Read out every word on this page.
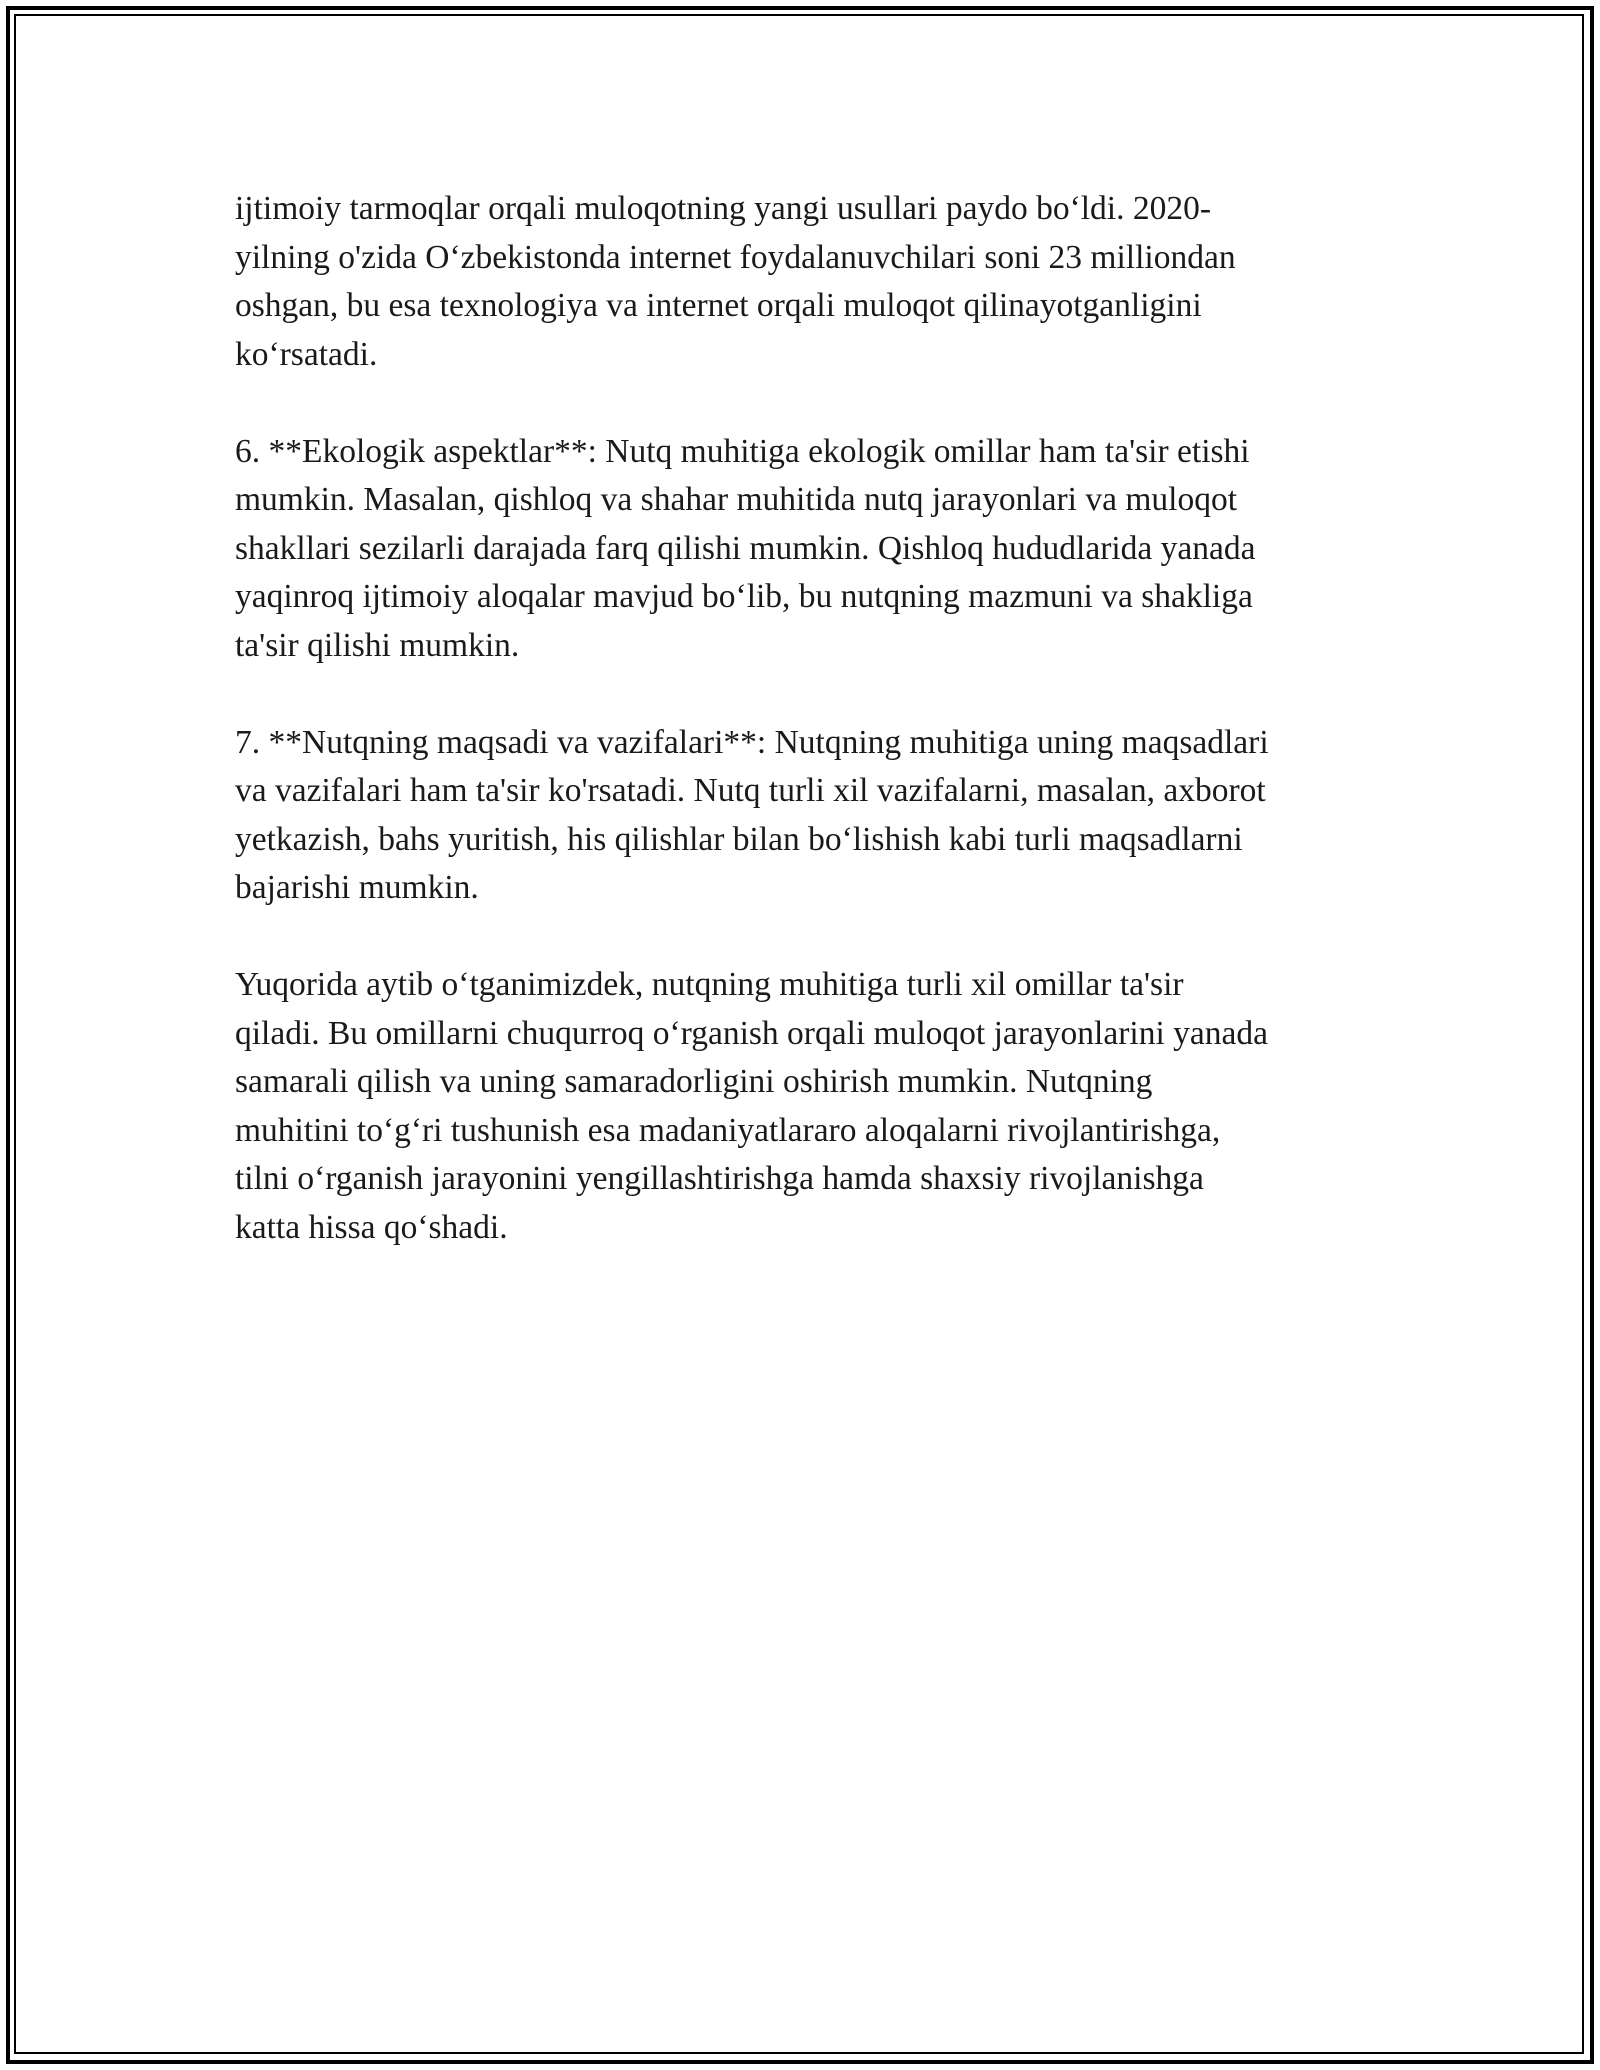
ijtimoiy tarmoqlar orqali muloqotning yangi usullari paydo bo‘ldi. 2020-
yilning o'zida O‘zbekistonda internet foydalanuvchilari soni 23 milliondan
oshgan, bu esa texnologiya va internet orqali muloqot qilinayotganligini
ko‘rsatadi.

6. **Ekologik aspektlar**: Nutq muhitiga ekologik omillar ham ta'sir etishi
mumkin. Masalan, qishloq va shahar muhitida nutq jarayonlari va muloqot
shakllari sezilarli darajada farq qilishi mumkin. Qishloq hududlarida yanada
yaqinroq ijtimoiy aloqalar mavjud bo‘lib, bu nutqning mazmuni va shakliga
ta'sir qilishi mumkin.

7. **Nutqning maqsadi va vazifalari**: Nutqning muhitiga uning maqsadlari
va vazifalari ham ta'sir ko'rsatadi. Nutq turli xil vazifalarni, masalan, axborot
yetkazish, bahs yuritish, his qilishlar bilan bo‘lishish kabi turli maqsadlarni
bajarishi mumkin.

Yuqorida aytib o‘tganimizdek, nutqning muhitiga turli xil omillar ta'sir
qiladi. Bu omillarni chuqurroq o‘rganish orqali muloqot jarayonlarini yanada
samarali qilish va uning samaradorligini oshirish mumkin. Nutqning
muhitini to‘g‘ri tushunish esa madaniyatlararo aloqalarni rivojlantirishga,
tilni o‘rganish jarayonini yengillashtirishga hamda shaxsiy rivojlanishga
katta hissa qo‘shadi.
